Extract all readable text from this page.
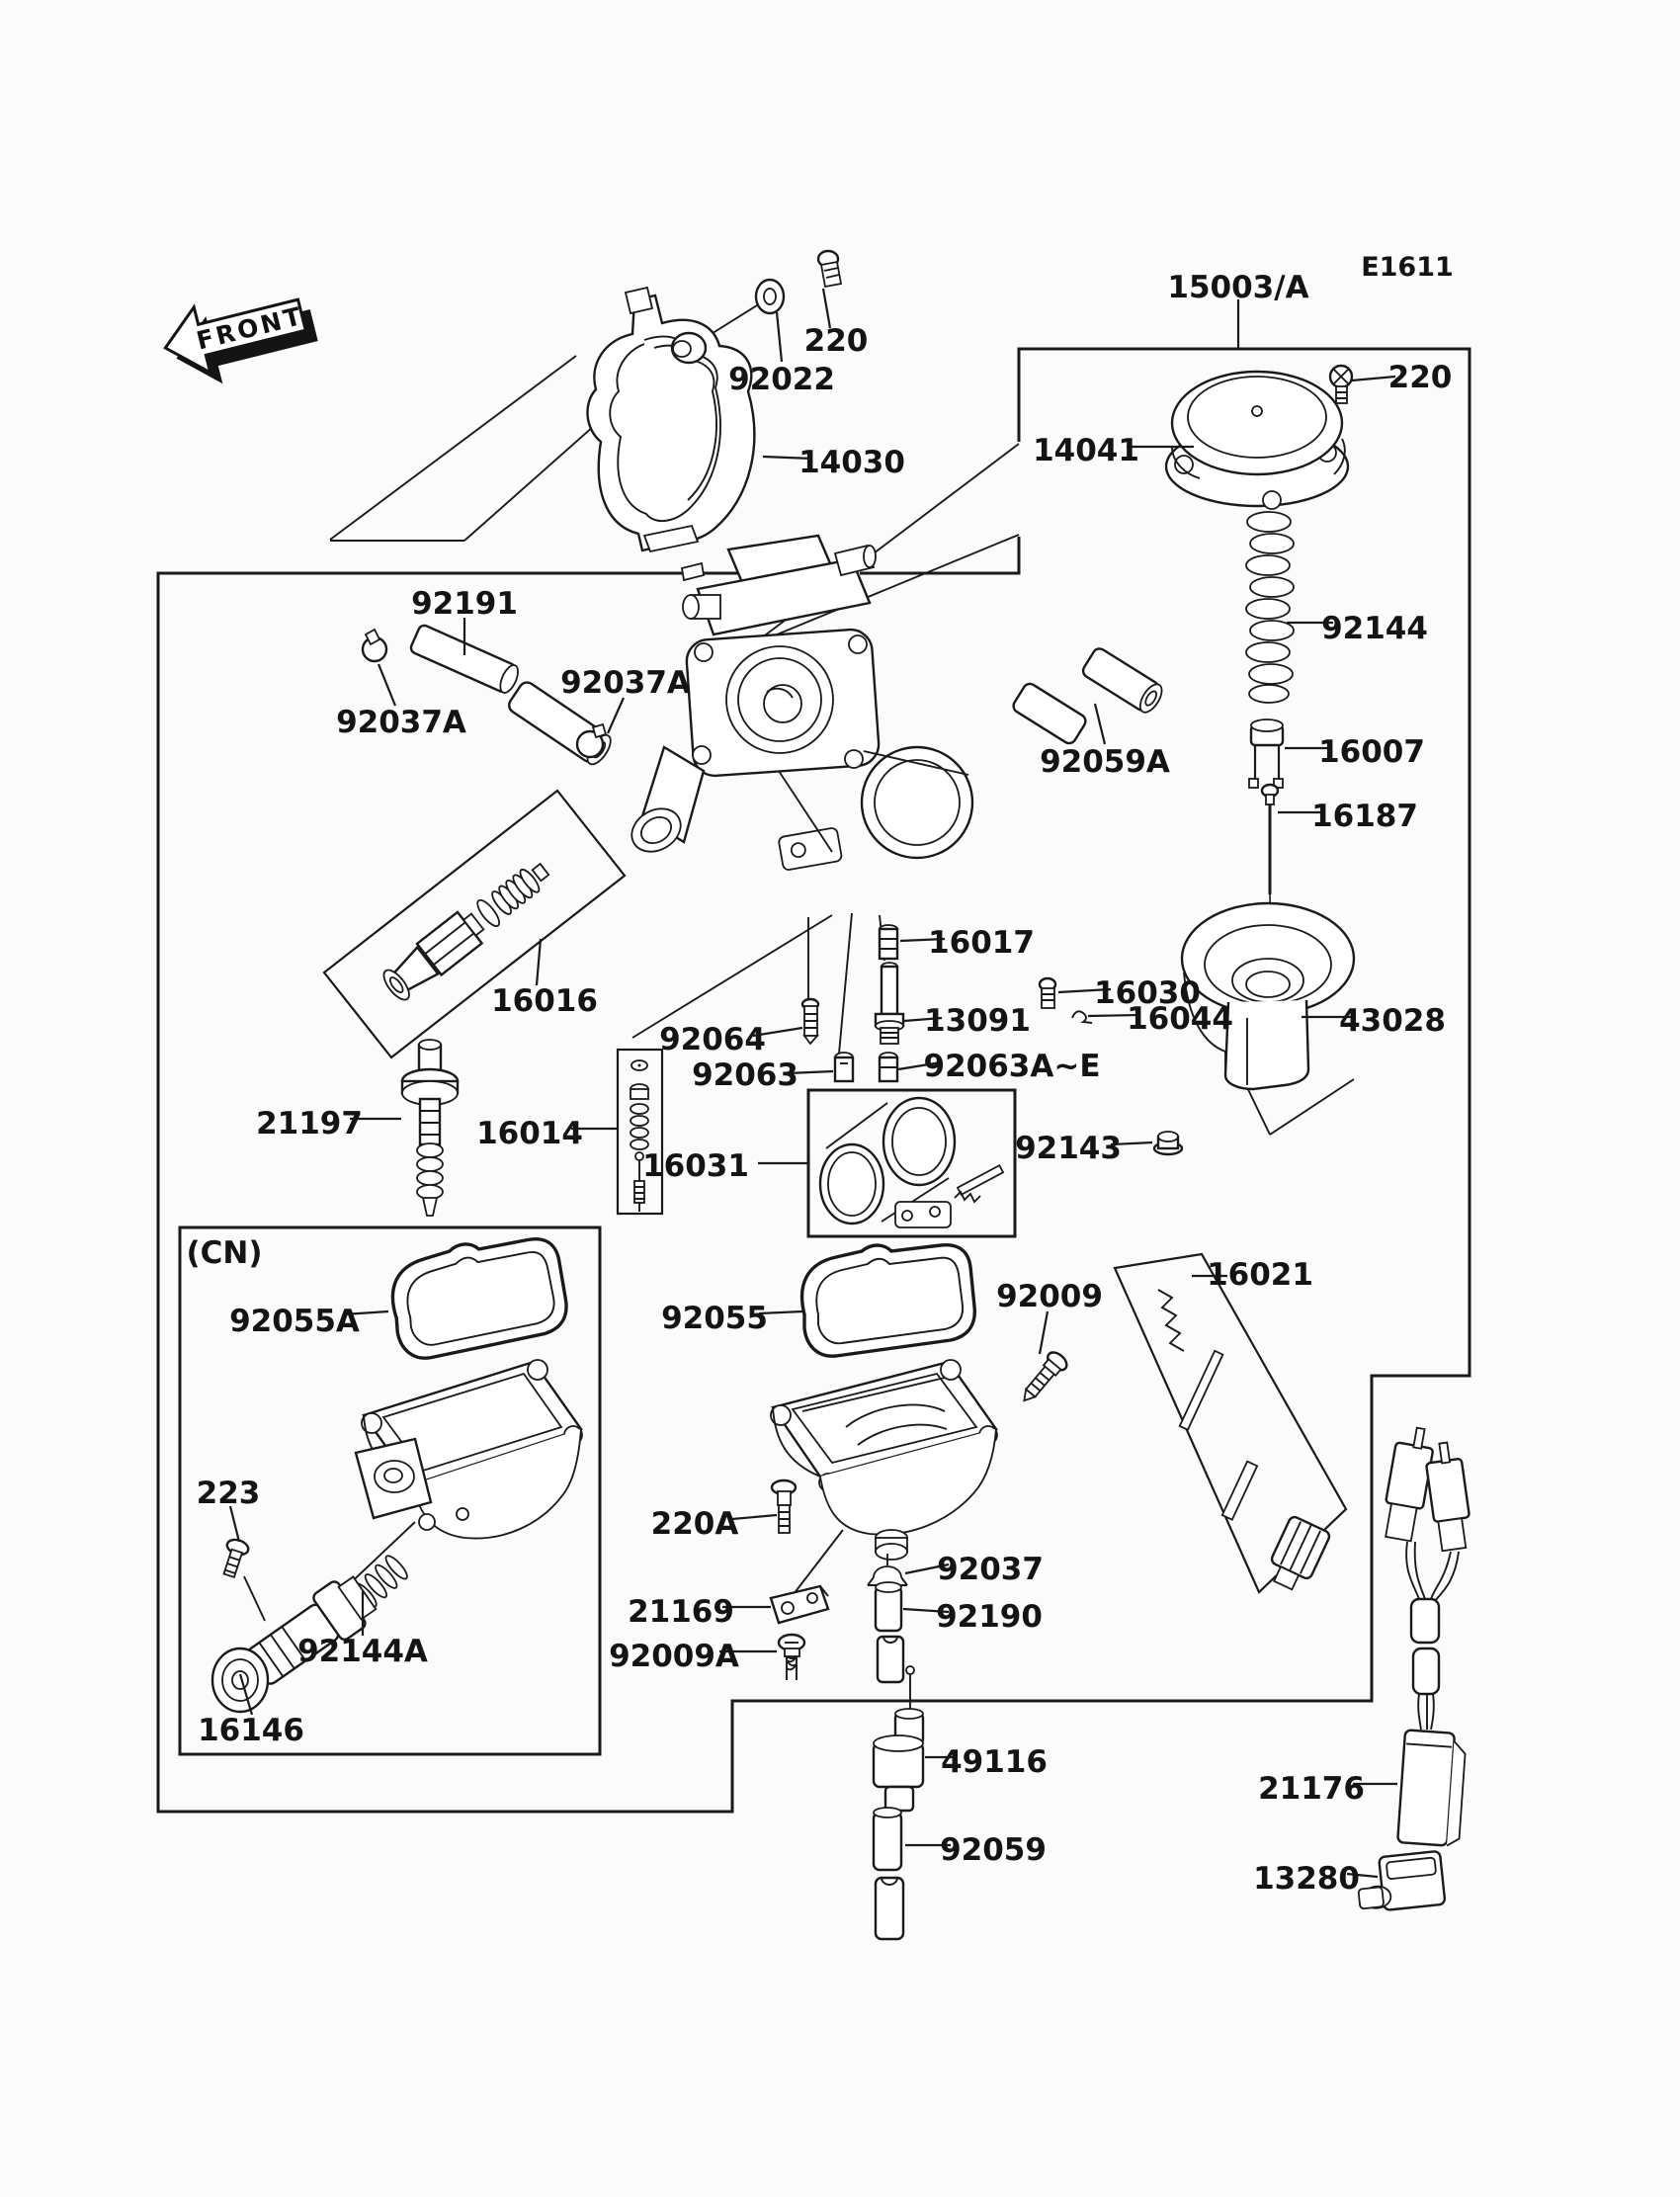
FRONT
E1611
15003/A
220
92022
14030	14041
220
92144
16007
16187
92191
92037A
92037A
92059A
16016
16017
13091
16030
16044	43028
92064
92063	92063A~E
21197	16014
16031	92143
16021
(CN)
92055A	92055
92009
223
220A
21169
92037
92190
92009A
92144A
16146
49116
92059
21176
13280
